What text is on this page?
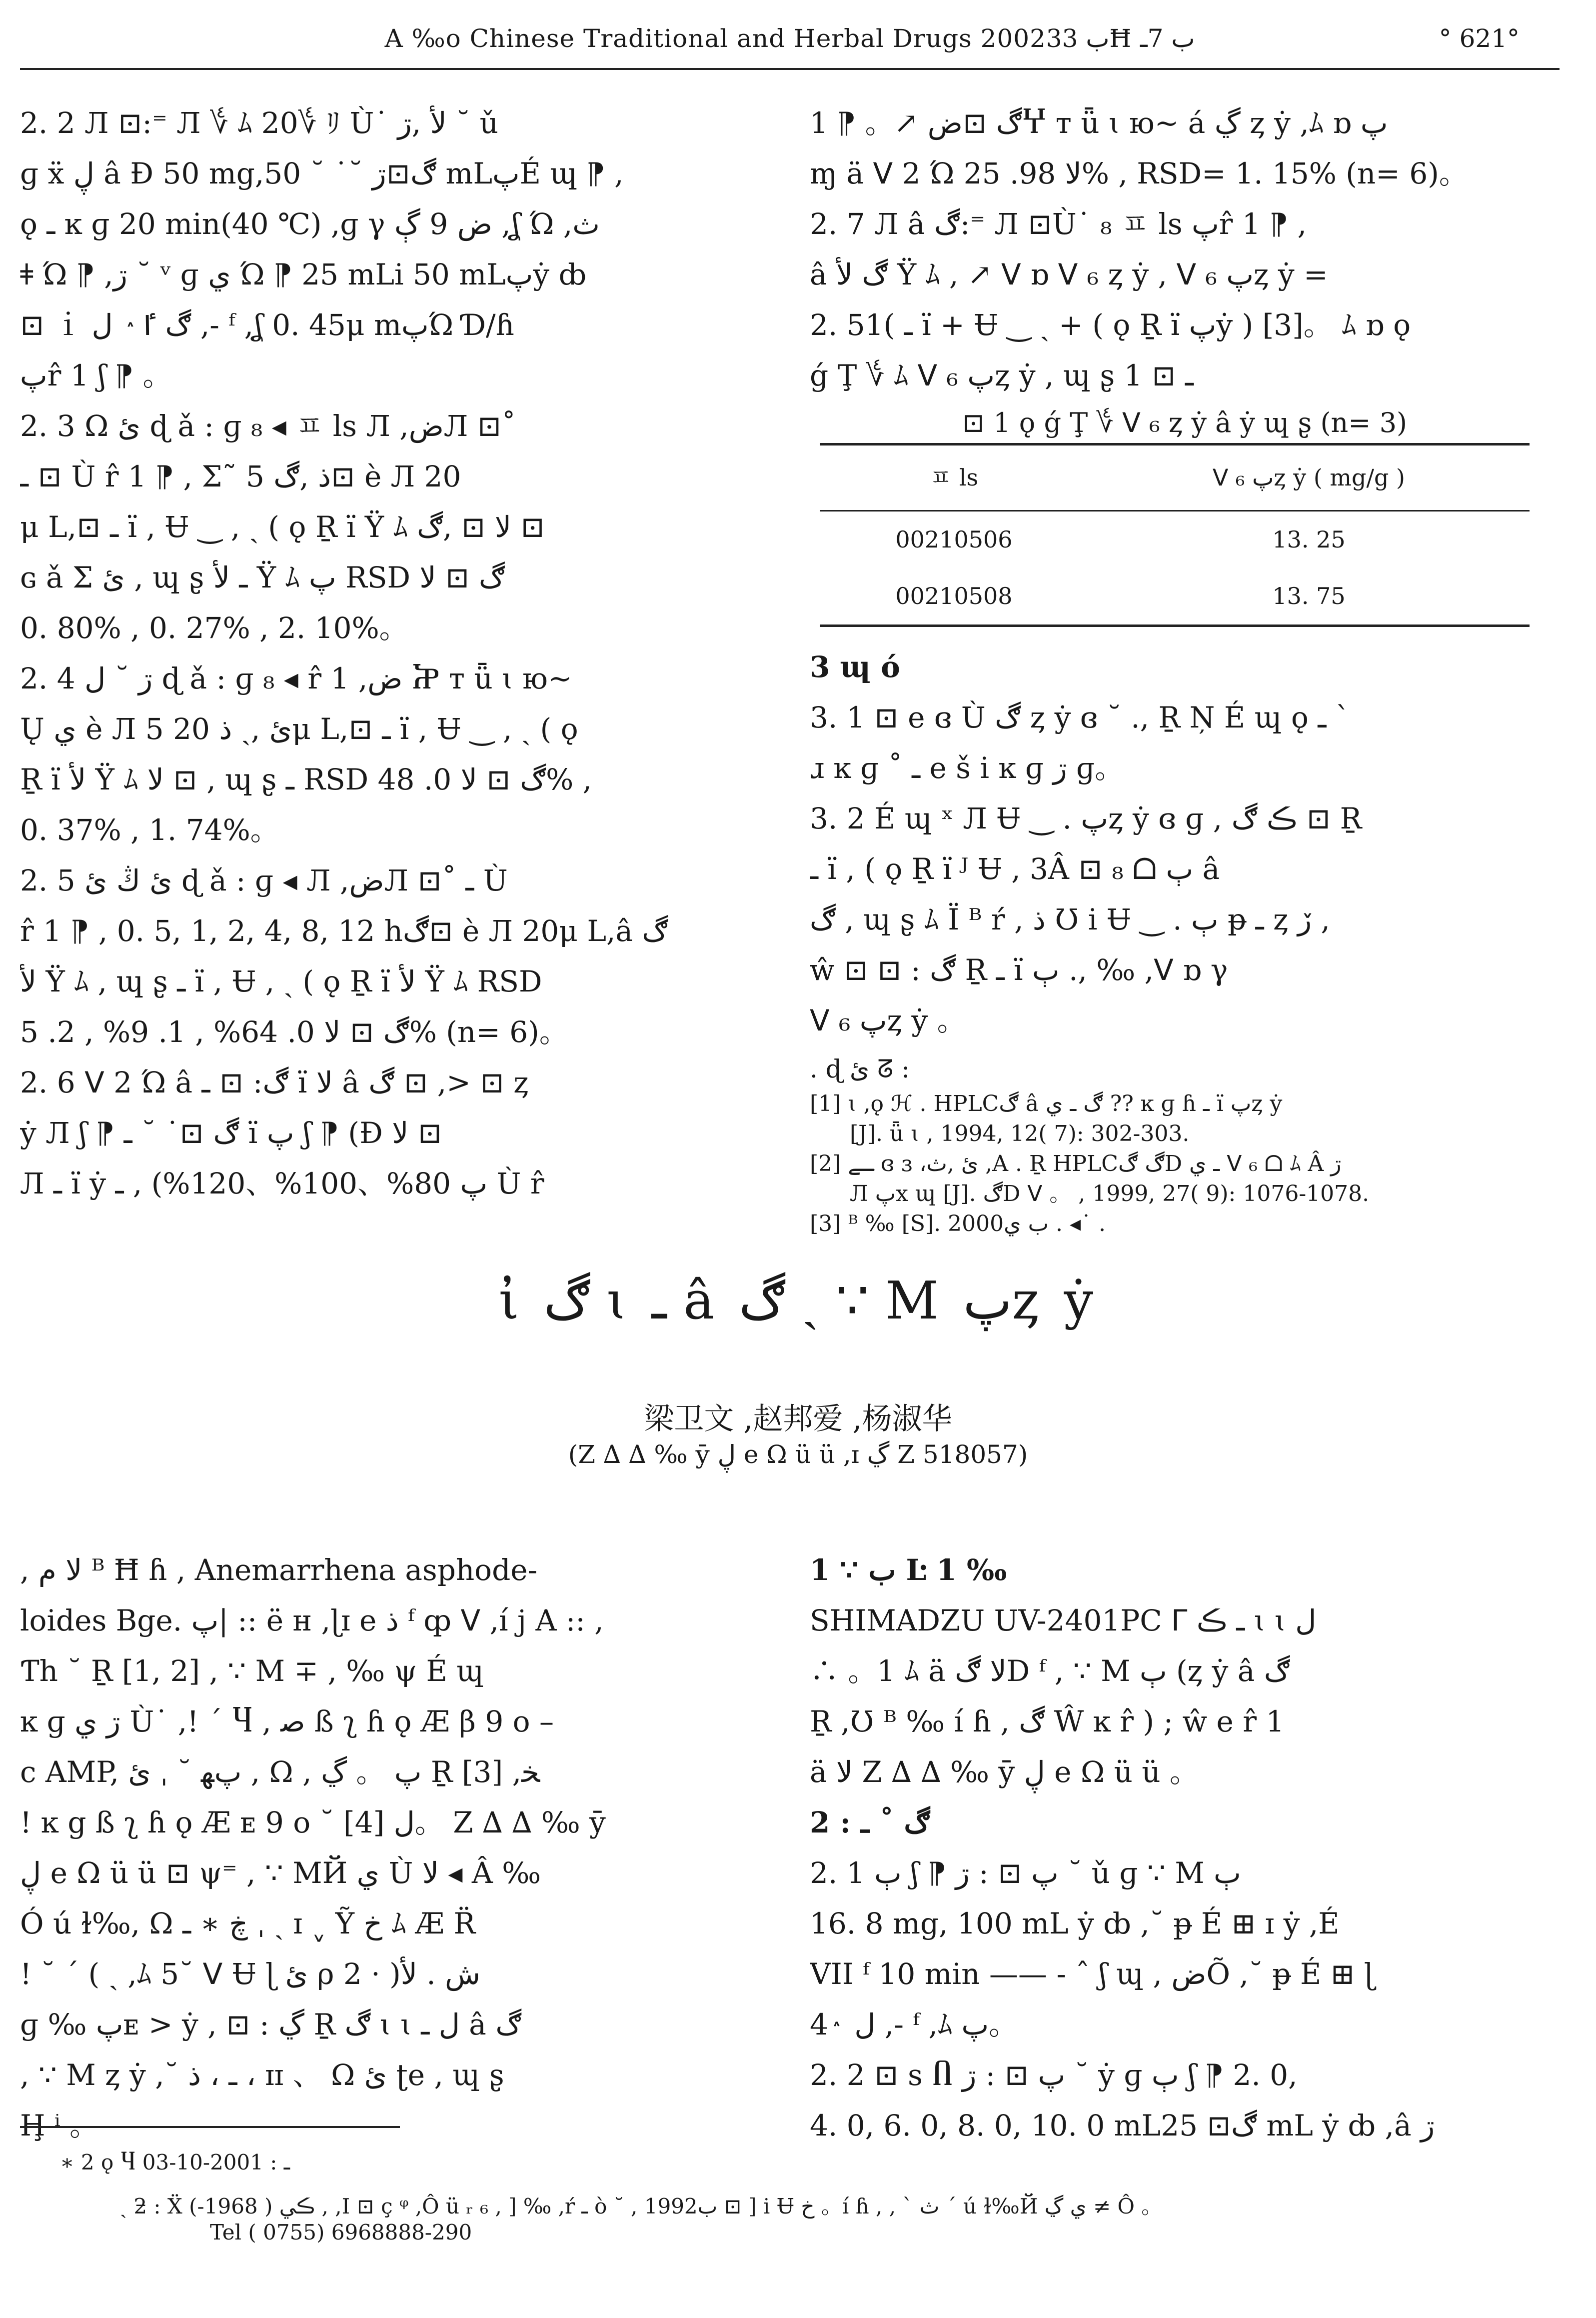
A ‰o Chinese Traditional and Herbal Drugs 2002ب 33Ħ ب 7ـ	° 621°

2. 2 Л ⊡:⁼ Л ؇ ﾑ 20؇ ﾘ Ù˙ لأ ,ڗ ˘ ǔ

ɡ ẍ ڸ â Ð 50 mg,ڰ⊡ڗ ˘˙ ˘ 50 mLپÉ ɰ ⁋ ,

ǫ ـ ĸ ɡ 20 min(40 ℃) ,ɡ γ ض 9 ڳ ,ʆ Ώ ,ث

ǂ Ώ ⁋ ,ڗ ˘ ᵛ ɡ ي Ώ ⁋ 25 mLi 50 mLپẏ ȸ

⊡ ｉ ڰ ٵ ٛ ل ,- ᶠ ,ʆ 0. 45μ mپΏ Ɗ/ɦ

پr̂ 1 ʃ ⁋ 。

2. 3 Ω ئ ɖ ǎ : ɡ ₈ ◂ ㅍ ls Л ,ضЛ ⊡˚

ـ ⊡ Ù r̂ 1 ⁋ , Σ˜ 5 ذ ,ڰ⊡ è Л 20

μ L,⊡ ـ ï , Ʉ ‿ , ˏ ( ǫ Ṟ ï Ÿ ﾑ ﻻ ⊡ ,ڰ ⊡

ɢ ǎ Σ ئ , ɰ ʂ ـ لأ Ÿ ﾑ پ RSD ڰ ⊡ ﻻ

0. 80% , 0. 27% , 2. 10%。

2. 4 ڗ ˘ ل ɖ ǎ : ɡ ₈ ◂ r̂ 1 ,ض Ⴟ т ǖ ɩ ю~

Ų ي è Л 5 ئ ,ˏ ذ 20μ L,⊡ ـ ï , Ʉ ‿ , ˏ ( ǫ

Ṟ ï لأ Ÿ ﾑ ﻻ ⊡ , ɰ ʂ ـ RSD ڰ ⊡ ﻻ 0. 48% ,

0. 37% , 1. 74%。

2. 5 ئ ڭ ئ ɖ ǎ : ɡ ◂ Л ,ضЛ ⊡˚ ـ Ù

r̂ 1 ⁋ , 0. 5, 1, 2, 4, 8, 12 hڰ⊡ è Л 20μ L,â ڰ

لأ Ÿ ﾑ , ɰ ʂ ـ ï , Ʉ , ˏ ( ǫ Ṟ ï لأ Ÿ ﾑ RSD

ڰ ⊡ ﻻ 0. 64% , 1. 9% , 2. 5% (n= 6)。

2. 6 ᐯ 2 Ώ â ڰ: ⊡ ـ ï ﻻ â ڰ ⊡ ,> ⊡ ȥ

ẏ Л ʃ ⁋ ڰ ⊡˙ ˘ ـ ï ﭖ ʃ ⁋ (Ð ﻻ ⊡

Л ـ ï ẏ پ 80%、100%、120%) , ـ Ù r̂

1 ⁋ 。↗ ڰ ⊡ضჄ т ǖ ɩ ю~ á ڲ ȥ ẏ ,ﾑ ɒ پ

ɱ ä ᐯ 2 Ώ ﻻ 98. 25% , RSD= 1. 15% (n= 6)。

2. 7 Л â ڰ:⁼ Л ⊡Ù˙ ₈ ㅍ ls پr̂ 1 ⁋ ,

â ڰ لأ Ÿ ﾑ , ↗ ᐯ ɒ ᐯ ₆ ȥ ẏ , ᐯ ₆ پȥ ẏ =

2. 51( ـ ï + Ʉ ‿ ˏ + ( ǫ Ṟ ï پẏ ) [3]。 ﾑ ɒ ǫ

ǵ Ţ ؇ ﾑ ᐯ ₆ پȥ ẏ , ɰ ʂ ـ ⊡ 1

⊡ 1 ǫ ǵ Ţ ؇ ᐯ ₆ ȥ ẏ â ẏ ɰ ʂ (n= 3)
ㅍ ls	ᐯ ₆ پȥ ẏ ( mg/g )
00210506	13. 25
00210508	13. 75

3 ɰ ó

3. 1 ⊡ e ɞ Ù ڰ ȥ ẏ ɞ ˘ ., Ṟ Ņ É ɰ ǫ ـ ˋ

ɹ ĸ ɡ ˚ ـ e š i ĸ ɡ ڗ ɡ。

3. 2 É ɰ ˣ Л Ʉ ‿ . پȥ ẏ ɞ ɡ , ڪ ڰ ⊡ Ṟ

ـ ï , ( ǫ Ṟ ï ᴶ Ʉ , 3Â ⊡ ₈ ᗝ ٻ â

ڰ , ɰ ʂ ﾑ Ï ᴮ ŕ , ذ Ʊ i Ʉ ‿ . ٻ ᵽ ـ ȥ ڒ ,

ŵ ⊡ ⊡ : ڰ Ṟ ـ ï ٻ ., ‰ ,ᐯ ɒ γ

ᐯ ₆ پȥ ẏ 。

. ɖ ئ ᘔ :
[1] ɩ ,ǫ ℋ . HPLCڰ â ڰ ـ ي ?? ĸ ɡ ɦ ـ ï پȥ ẏ
[J]. ǖ ɩ , 1994, 12( 7): 302-303.
[2] ـے ɞ ɜ ،ئ ,ث ,A . Ṟ HPLCڰ ڰD ـ ي ᐯ ₆ ᗝ ﾑ Â ڗ
Л پx ɰ [J]. ڰD ᐯ 。 , 1999, 27( 9): 1076-1078.
[3] ᴮ ‰ [S]. 2000ب ي . ◂˙ .
ἰ ڰ ɩ ـ â ڰ ˏ ∵ M پȥ ẏ
梁卫文 ,赵邦爱 ,杨淑华
(Z ∆ ∆ ‰ ȳ ڸ e Ω ü ü ,ɪ ڲ Z 518057)

, ﻻ ﻡ ᴮ Ħ ɦ , Anemarrhena asphode-

loides Bge. پ| :: ë ʜ ,ɭɪ e ذ ᶠ ȹ ᐯ ,í j A :: ,

Ƭh ˘ Ṟ [1, 2] , ∵ M ∓ , ‰ ψ É ɰ

ĸ ɡ ڗ ي Ù˙ ,! ˊ Ⴗ , ﺻ ß ʅ ɦ ǫ Æ β 9 o –

c AMP, پﻬ ˘ ˌ ئ , Ω , پ 。 ڲ Ṟ [3] ,ﺨ

! ĸ g ß ʅ ɦ ǫ Æ ᴇ 9 o ˘ ل [4]。 Z ∆ ∆ ‰ ȳ

ڸ e Ω ü ü ⊡ ψ⁼ , ∵ MЙ ي Ù ﻻ ◂ Â ‰

Ó ú ɫ‰, Ω ڿ ∗ ـ ˌ ˏ ɪ ˬ Ỹ خ ﾑ Æ R̈

! ˘ ˊ ( ˏ ,ﾑ 5˘ ᐯ Ʉ ɭ ئ ρ 2 · )ش . لأ

ɡ ‰ پᴇ > ẏ , ⊡ : ڲ Ṟ ڰ ɩ ɩ ل ـ â ڰ

, ∵ M ȥ ẏ ,˘ ـ ، ذ ، ɪɪ 、 Ω ئ ʈe , ɰ ʂ

Ḩ ⁱ 。

1 ∵ ب Ŀ 1 ‰

SHIMADZU UV-2401PC ᒥ ـ ڪ ɩ ɩ ل

∴ 。1 ﾑ ä ﻻ ڰD ᶠ , ∵ M ٻ (ȥ ẏ â ڰ

Ṟ ,Ʊ ᴮ ‰ í ɦ , ڰ Ŵ ĸ r̂ ) ; ŵ e r̂ 1

ä ﻻ Z ∆ ∆ ‰ ȳ ڸ e Ω ü ü 。

2 : ڰ ˚ ـ

2. 1 ٻ ʃ ⁋ پ ⊡ : ڗ ˘ ǔ ɡ ∵ M ٻ

16. 8 mg, 100 mL ẏ ȸ ,˘ ᵽ É ⊞ ɪ ẏ ,É

VII ᶠ 10 min —— - ˆ ʃ ɰ , ضÕ ,˘ ᵽ É ⊞ ɭ

4 ٛ ل ,- ᶠ ,ﾑ پ。

2. 2 ⊡ s Ⴖ پ ⊡ : ڗ ˘ ẏ ɡ ٻ ʃ ⁋ 2. 0,

4. 0, 6. 0, 8. 0, 10. 0 mLڰ⊡ 25 mL ẏ ȸ ,â ڗ

∗ 2 ǫ Ⴗ ـ : 2001-10-03
ˏ ƻ : Ẍ ڪي ( 1968-) , ,I ⊡ ç ᵠ ,Ô ü ᵣ ₆ , ] ‰ ,ŕ ـ ò ˘ , 1992ب ⊡ ] i Ʉ خ 。í ɦ , , ˋ ث ˊ ú ɫ‰Й ي ڲ ≠ Ô 。
Tel ( 0755) 6968888-290
